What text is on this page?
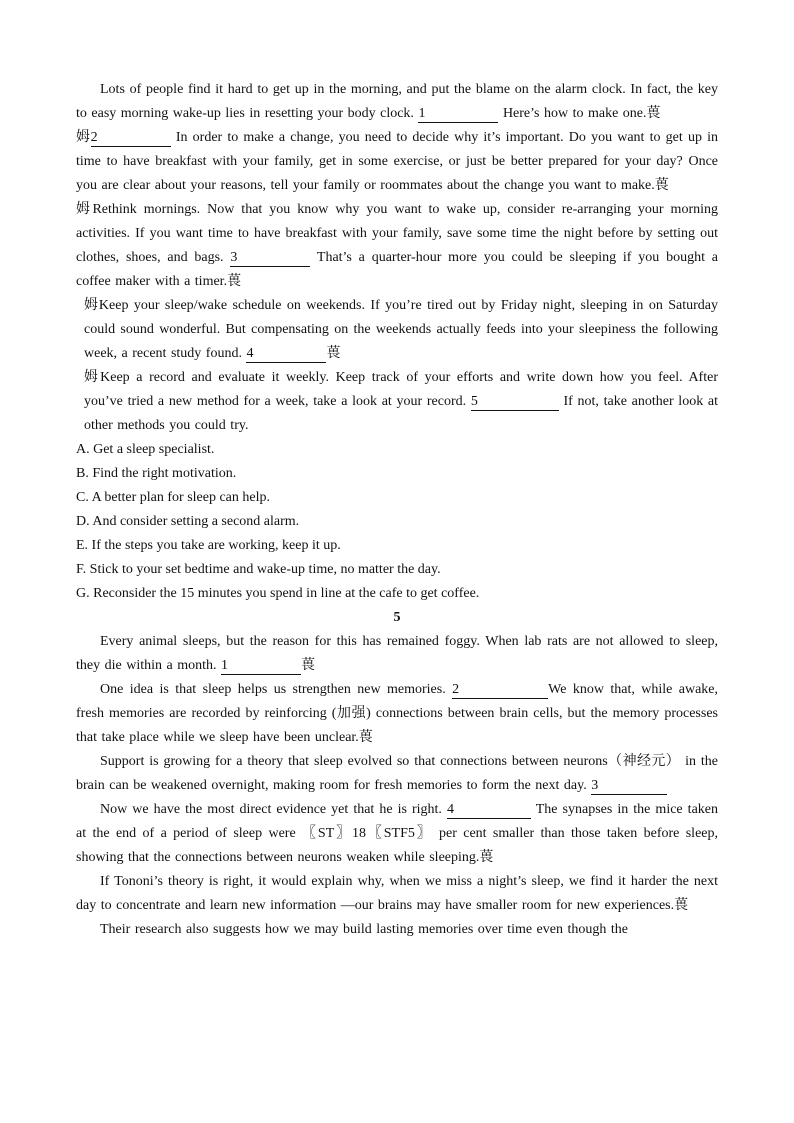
Lots of people find it hard to get up in the morning, and put the blame on the alarm clock. In fact, the key to easy morning wake-up lies in resetting your body clock. 1	Here’s how to make one.葨

姆2	In order to make a change, you need to decide why it’s important. Do you want to get up in time to have breakfast with your family, get in some exercise, or just be better prepared for your day? Once you are clear about your reasons, tell your family or roommates about the change you want to make.葨

姆Rethink mornings. Now that you know why you want to wake up, consider re-arranging your morning activities. If you want time to have breakfast with your family, save some time the night before by setting out clothes, shoes, and bags. 3	That’s a quarter-hour more you could be sleeping if you bought a coffee maker with a timer.葨

姆Keep your sleep/wake schedule on weekends. If you’re tired out by Friday night, sleeping in on Saturday could sound wonderful. But compensating on the weekends actually feeds into your sleepiness the following week, a recent study found. 4	葨

姆Keep a record and evaluate it weekly. Keep track of your efforts and write down how you feel. After you’ve tried a new method for a week, take a look at your record. 5	If not, take another look at other methods you could try.

A. Get a sleep specialist.

B. Find the right motivation.

C. A better plan for sleep can help.

D. And consider setting a second alarm.

E. If the steps you take are working, keep it up.

F. Stick to your set bedtime and wake-up time, no matter the day.

G. Reconsider the 15 minutes you spend in line at the cafe to get coffee.

5

Every animal sleeps, but the reason for this has remained foggy. When lab rats are not allowed to sleep, they die within a month. 1	葨

One idea is that sleep helps us strengthen new memories. 2	We know that, while awake, fresh memories are recorded by reinforcing (加强) connections between brain cells, but the memory processes that take place while we sleep have been unclear.葨

Support is growing for a theory that sleep evolved so that connections between neurons（神经元） in the brain can be weakened overnight, making room for fresh memories to form the next day. 3

Now we have the most direct evidence yet that he is right. 4	The synapses in the mice taken at the end of a period of sleep were 〖ST〗18〖STF5〗 per cent smaller than those taken before sleep, showing that the connections between neurons weaken while sleeping.葨

If Tononi’s theory is right, it would explain why, when we miss a night’s sleep, we find it harder the next day to concentrate and learn new information —our brains may have smaller room for new experiences.葨

Their research also suggests how we may build lasting memories over time even though the
